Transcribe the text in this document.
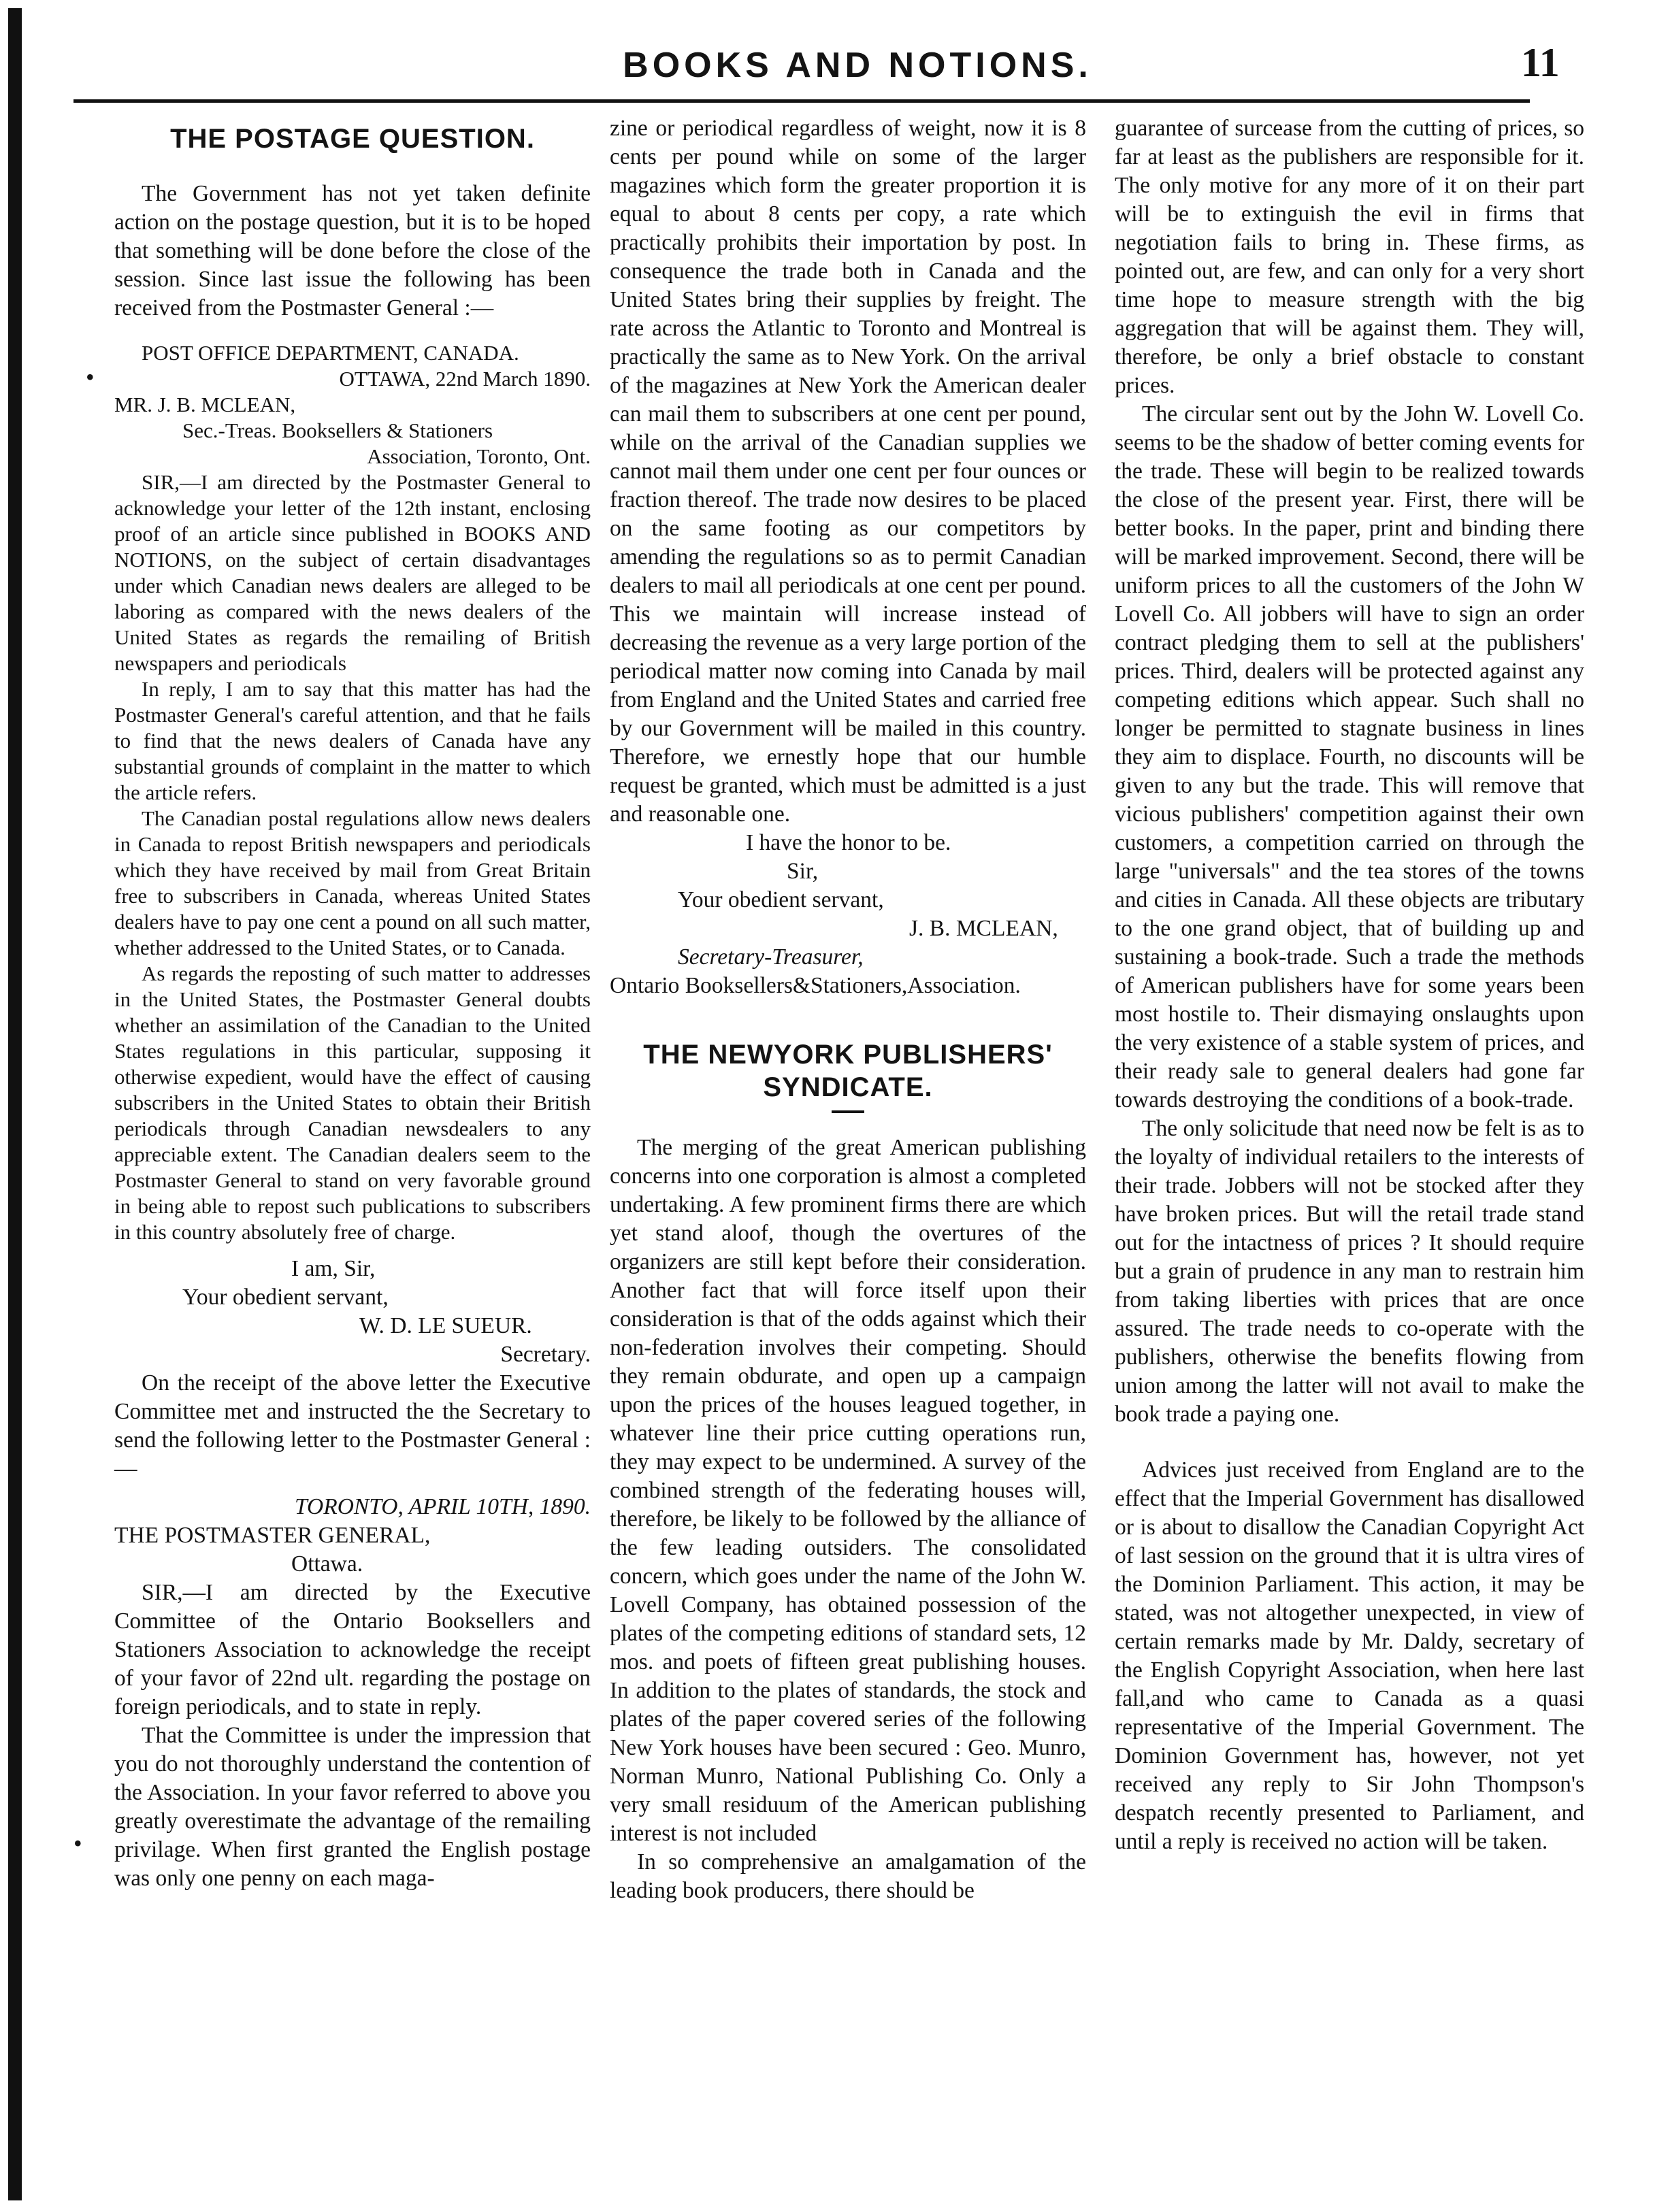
BOOKS AND NOTIONS.	11
•
•
THE POSTAGE QUESTION.

The Government has not yet taken definite action on the postage question, but it is to be hoped that something will be done before the close of the session. Since last issue the following has been received from the Postmaster General :—

POST OFFICE DEPARTMENT, CANADA.

OTTAWA, 22nd March 1890.

MR. J. B. MCLEAN,

Sec.-Treas. Booksellers & Stationers

Association, Toronto, Ont.

SIR,—I am directed by the Postmaster General to acknowledge your letter of the 12th instant, enclosing proof of an article since published in BOOKS AND NOTIONS, on the subject of certain disadvantages under which Canadian news dealers are alleged to be laboring as compared with the news dealers of the United States as regards the remailing of British newspapers and periodicals

In reply, I am to say that this matter has had the Postmaster General's careful attention, and that he fails to find that the news dealers of Canada have any substantial grounds of complaint in the matter to which the article refers.

The Canadian postal regulations allow news dealers in Canada to repost British newspapers and periodicals which they have received by mail from Great Britain free to subscribers in Canada, whereas United States dealers have to pay one cent a pound on all such matter, whether addressed to the United States, or to Canada.

As regards the reposting of such matter to addresses in the United States, the Postmaster General doubts whether an assimilation of the Canadian to the United States regulations in this particular, supposing it otherwise expedient, would have the effect of causing subscribers in the United States to obtain their British periodicals through Canadian newsdealers to any appreciable extent. The Canadian dealers seem to the Postmaster General to stand on very favorable ground in being able to repost such publications to subscribers in this country absolutely free of charge.

I am, Sir,

Your obedient servant,

W. D. LE SUEUR.

Secretary.

On the receipt of the above letter the Executive Committee met and instructed the the Secretary to send the following letter to the Postmaster General :—

TORONTO, APRIL 10TH, 1890.

THE POSTMASTER GENERAL,

Ottawa.

SIR,—I am directed by the Executive Committee of the Ontario Booksellers and Stationers Association to acknowledge the receipt of your favor of 22nd ult. regarding the postage on foreign periodicals, and to state in reply.

That the Committee is under the impression that you do not thoroughly understand the contention of the Association. In your favor referred to above you greatly overestimate the advantage of the remailing privilage. When first granted the English postage was only one penny on each maga-

zine or periodical regardless of weight, now it is 8 cents per pound while on some of the larger magazines which form the greater proportion it is equal to about 8 cents per copy, a rate which practically prohibits their importation by post. In consequence the trade both in Canada and the United States bring their supplies by freight. The rate across the Atlantic to Toronto and Montreal is practically the same as to New York. On the arrival of the magazines at New York the American dealer can mail them to subscribers at one cent per pound, while on the arrival of the Canadian supplies we cannot mail them under one cent per four ounces or fraction thereof. The trade now desires to be placed on the same footing as our competitors by amending the regulations so as to permit Canadian dealers to mail all periodicals at one cent per pound. This we maintain will increase instead of decreasing the revenue as a very large portion of the periodical matter now coming into Canada by mail from England and the United States and carried free by our Government will be mailed in this country. Therefore, we ernestly hope that our humble request be granted, which must be admitted is a just and reasonable one.

I have the honor to be.

Sir,

Your obedient servant,

J. B. MCLEAN,

Secretary-Treasurer,

Ontario Booksellers&Stationers,Association.

THE NEWYORK PUBLISHERS' SYNDICATE.

The merging of the great American publishing concerns into one corporation is almost a completed undertaking. A few prominent firms there are which yet stand aloof, though the overtures of the organizers are still kept before their consideration. Another fact that will force itself upon their consideration is that of the odds against which their non-federation involves their competing. Should they remain obdurate, and open up a campaign upon the prices of the houses leagued together, in whatever line their price cutting operations run, they may expect to be undermined. A survey of the combined strength of the federating houses will, therefore, be likely to be followed by the alliance of the few leading outsiders. The consolidated concern, which goes under the name of the John W. Lovell Company, has obtained possession of the plates of the competing editions of standard sets, 12 mos. and poets of fifteen great publishing houses. In addition to the plates of standards, the stock and plates of the paper covered series of the following New York houses have been secured : Geo. Munro, Norman Munro, National Publishing Co. Only a very small residuum of the American publishing interest is not included

In so comprehensive an amalgamation of the leading book producers, there should be

guarantee of surcease from the cutting of prices, so far at least as the publishers are responsible for it. The only motive for any more of it on their part will be to extinguish the evil in firms that negotiation fails to bring in. These firms, as pointed out, are few, and can only for a very short time hope to measure strength with the big aggregation that will be against them. They will, therefore, be only a brief obstacle to constant prices.

The circular sent out by the John W. Lovell Co. seems to be the shadow of better coming events for the trade. These will begin to be realized towards the close of the present year. First, there will be better books. In the paper, print and binding there will be marked improvement. Second, there will be uniform prices to all the customers of the John W Lovell Co. All jobbers will have to sign an order contract pledging them to sell at the publishers' prices. Third, dealers will be protected against any competing editions which appear. Such shall no longer be permitted to stagnate business in lines they aim to displace. Fourth, no discounts will be given to any but the trade. This will remove that vicious publishers' competition against their own customers, a competition carried on through the large "universals" and the tea stores of the towns and cities in Canada. All these objects are tributary to the one grand object, that of building up and sustaining a book-trade. Such a trade the methods of American publishers have for some years been most hostile to. Their dismaying onslaughts upon the very existence of a stable system of prices, and their ready sale to general dealers had gone far towards destroying the conditions of a book-trade.

The only solicitude that need now be felt is as to the loyalty of individual retailers to the interests of their trade. Jobbers will not be stocked after they have broken prices. But will the retail trade stand out for the intactness of prices ? It should require but a grain of prudence in any man to restrain him from taking liberties with prices that are once assured. The trade needs to co-operate with the publishers, otherwise the benefits flowing from union among the latter will not avail to make the book trade a paying one.

Advices just received from England are to the effect that the Imperial Government has disallowed or is about to disallow the Canadian Copyright Act of last session on the ground that it is ultra vires of the Dominion Parliament. This action, it may be stated, was not altogether unexpected, in view of certain remarks made by Mr. Daldy, secretary of the English Copyright Association, when here last fall,and who came to Canada as a quasi representative of the Imperial Government. The Dominion Government has, however, not yet received any reply to Sir John Thompson's despatch recently presented to Parliament, and until a reply is received no action will be taken.
